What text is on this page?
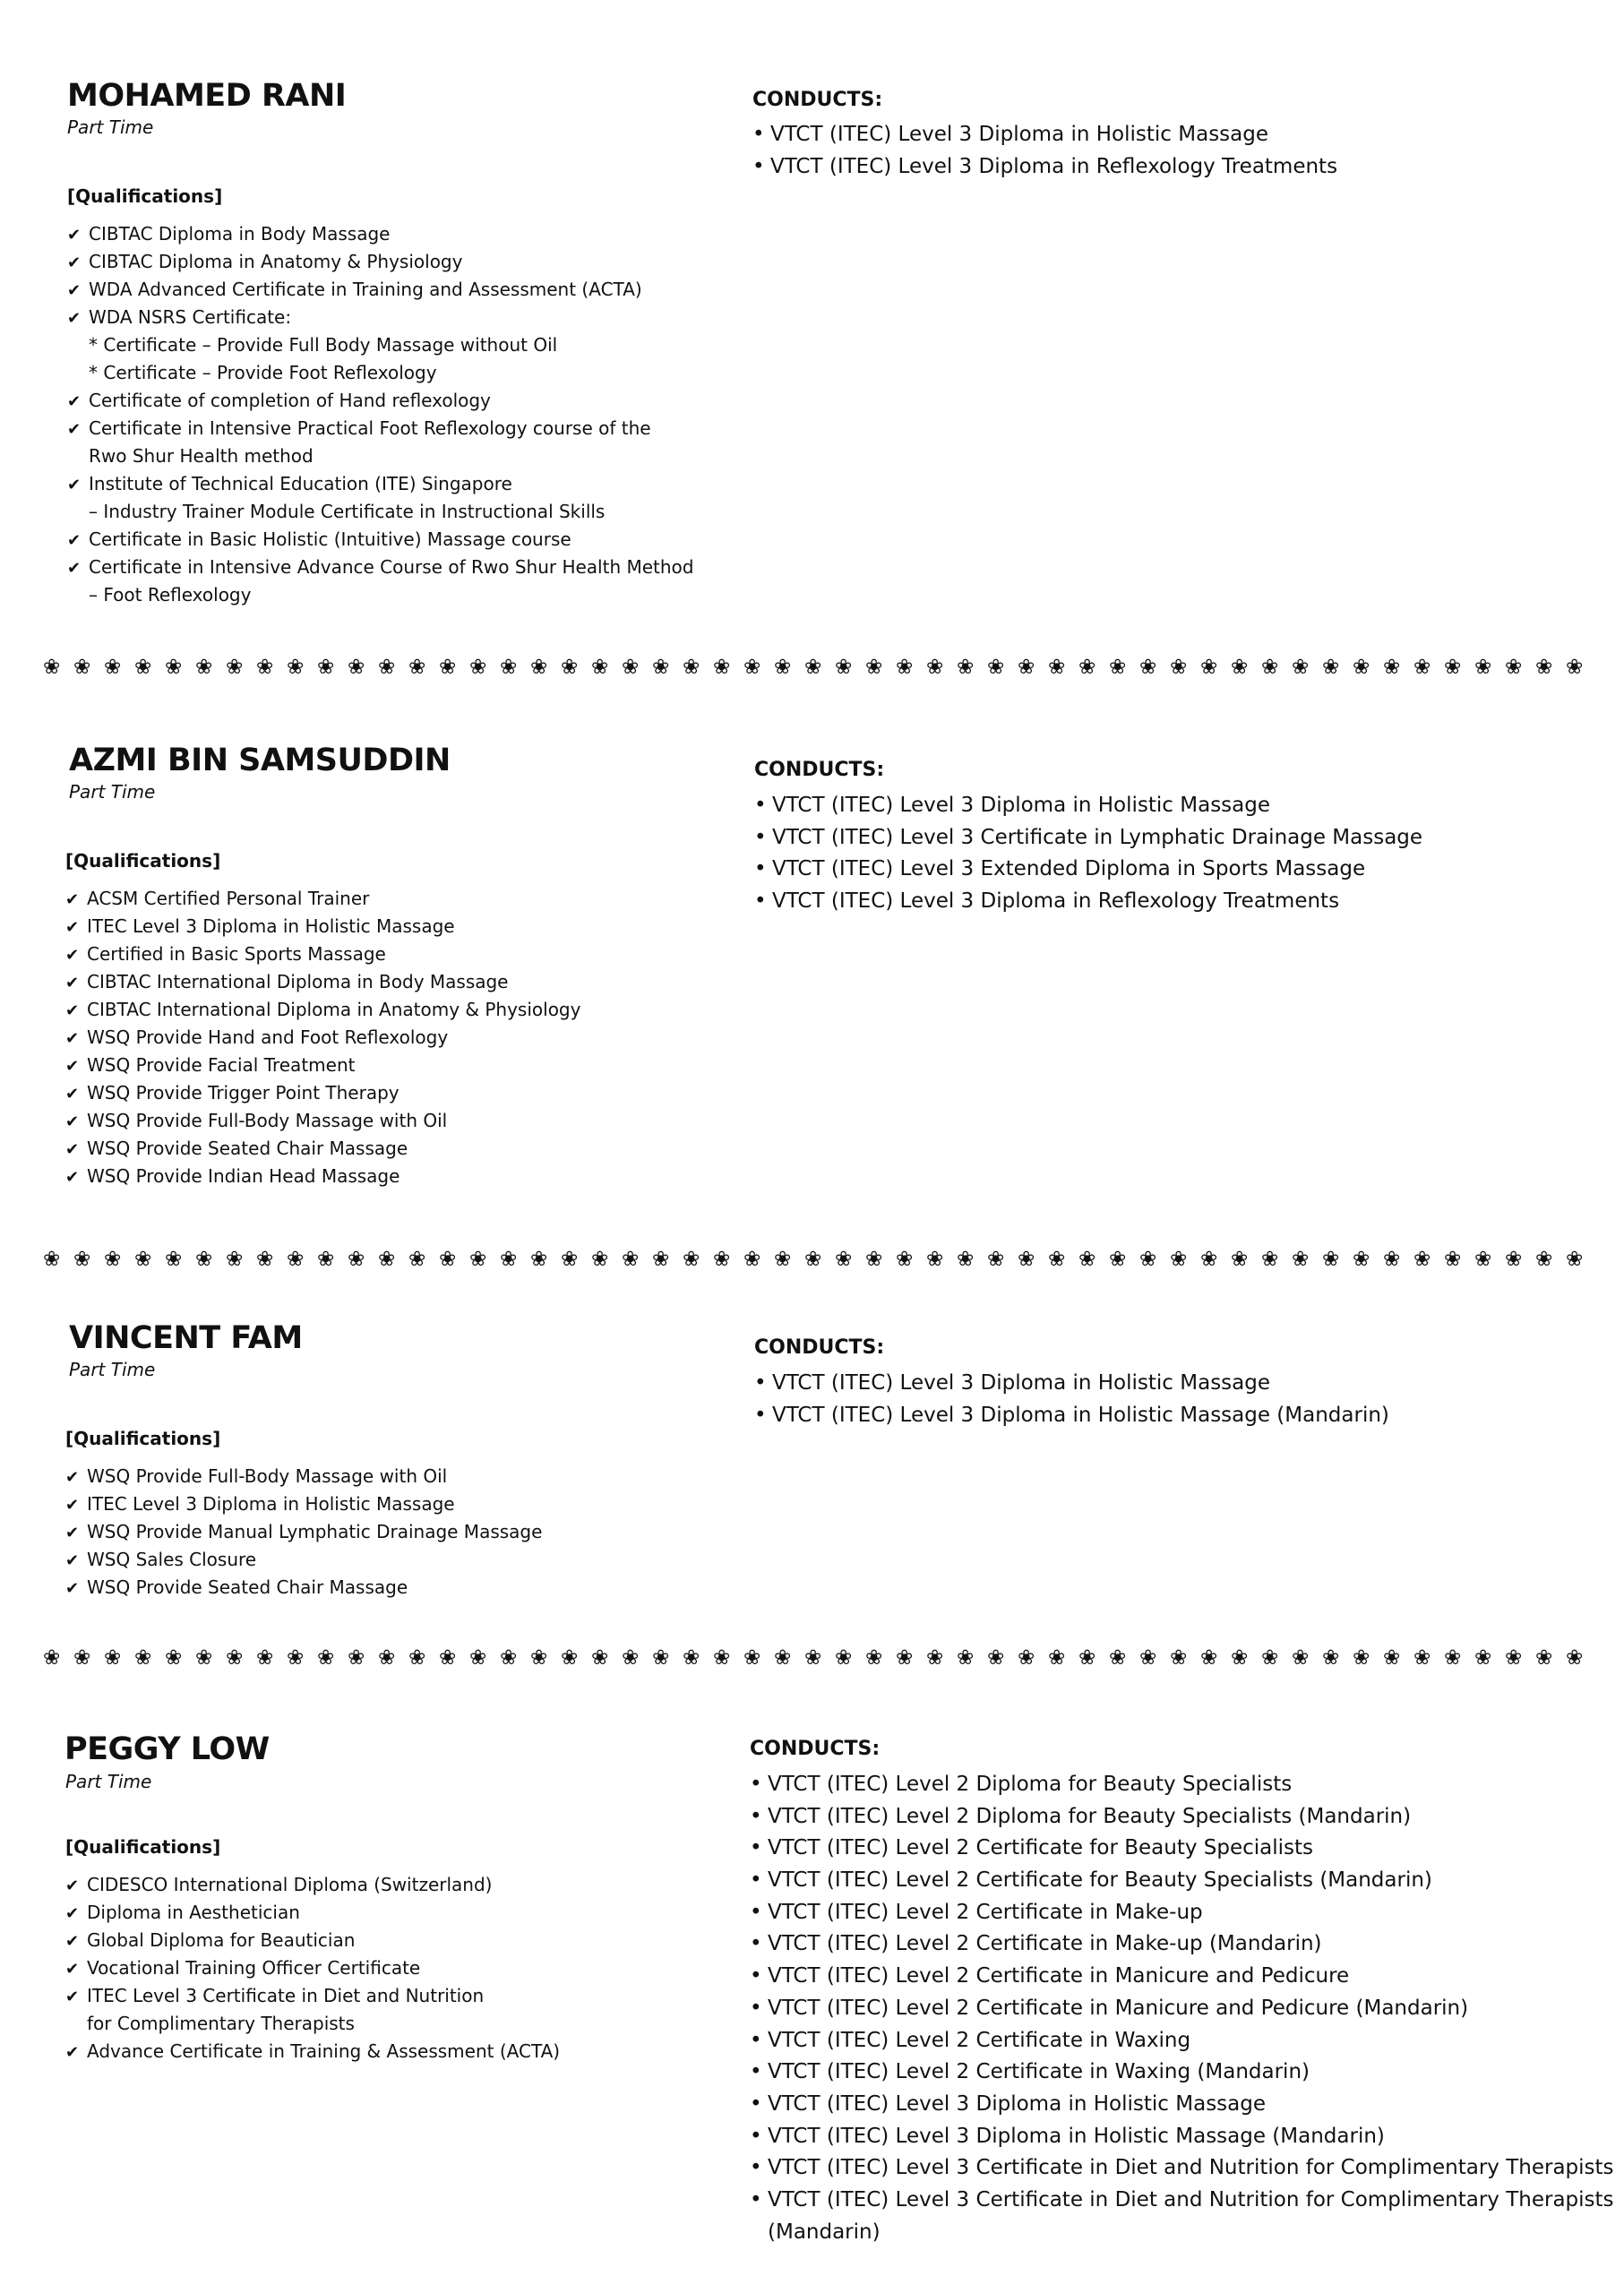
MOHAMED RANI
Part Time
[Qualifications]
✔ CIBTAC Diploma in Body Massage
✔ CIBTAC Diploma in Anatomy & Physiology
✔ WDA Advanced Certificate in Training and Assessment (ACTA)
✔ WDA NSRS Certificate:
* Certificate – Provide Full Body Massage without Oil
* Certificate – Provide Foot Reflexology
✔ Certificate of completion of Hand reflexology
✔ Certificate in Intensive Practical Foot Reflexology course of the
Rwo Shur Health method
✔ Institute of Technical Education (ITE) Singapore
– Industry Trainer Module Certificate in Instructional Skills
✔ Certificate in Basic Holistic (Intuitive) Massage course
✔ Certificate in Intensive Advance Course of Rwo Shur Health Method
– Foot Reflexology
CONDUCTS:
• VTCT (ITEC) Level 3 Diploma in Holistic Massage
• VTCT (ITEC) Level 3 Diploma in Reflexology Treatments
❀ ❀ ❀ ❀ ❀ ❀ ❀ ❀ ❀ ❀ ❀ ❀ ❀ ❀ ❀ ❀ ❀ ❀ ❀ ❀ ❀ ❀ ❀ ❀ ❀ ❀ ❀ ❀ ❀ ❀ ❀ ❀ ❀ ❀ ❀ ❀ ❀ ❀ ❀ ❀ ❀ ❀ ❀ ❀ ❀ ❀ ❀ ❀ ❀ ❀ ❀
AZMI BIN SAMSUDDIN
Part Time
[Qualifications]
✔ ACSM Certified Personal Trainer
✔ ITEC Level 3 Diploma in Holistic Massage
✔ Certified in Basic Sports Massage
✔ CIBTAC International Diploma in Body Massage
✔ CIBTAC International Diploma in Anatomy & Physiology
✔ WSQ Provide Hand and Foot Reflexology
✔ WSQ Provide Facial Treatment
✔ WSQ Provide Trigger Point Therapy
✔ WSQ Provide Full-Body Massage with Oil
✔ WSQ Provide Seated Chair Massage
✔ WSQ Provide Indian Head Massage
CONDUCTS:
• VTCT (ITEC) Level 3 Diploma in Holistic Massage
• VTCT (ITEC) Level 3 Certificate in Lymphatic Drainage Massage
• VTCT (ITEC) Level 3 Extended Diploma in Sports Massage
• VTCT (ITEC) Level 3 Diploma in Reflexology Treatments
❀ ❀ ❀ ❀ ❀ ❀ ❀ ❀ ❀ ❀ ❀ ❀ ❀ ❀ ❀ ❀ ❀ ❀ ❀ ❀ ❀ ❀ ❀ ❀ ❀ ❀ ❀ ❀ ❀ ❀ ❀ ❀ ❀ ❀ ❀ ❀ ❀ ❀ ❀ ❀ ❀ ❀ ❀ ❀ ❀ ❀ ❀ ❀ ❀ ❀ ❀
VINCENT FAM
Part Time
[Qualifications]
✔ WSQ Provide Full-Body Massage with Oil
✔ ITEC Level 3 Diploma in Holistic Massage
✔ WSQ Provide Manual Lymphatic Drainage Massage
✔ WSQ Sales Closure
✔ WSQ Provide Seated Chair Massage
CONDUCTS:
• VTCT (ITEC) Level 3 Diploma in Holistic Massage
• VTCT (ITEC) Level 3 Diploma in Holistic Massage (Mandarin)
❀ ❀ ❀ ❀ ❀ ❀ ❀ ❀ ❀ ❀ ❀ ❀ ❀ ❀ ❀ ❀ ❀ ❀ ❀ ❀ ❀ ❀ ❀ ❀ ❀ ❀ ❀ ❀ ❀ ❀ ❀ ❀ ❀ ❀ ❀ ❀ ❀ ❀ ❀ ❀ ❀ ❀ ❀ ❀ ❀ ❀ ❀ ❀ ❀ ❀ ❀
PEGGY LOW
Part Time
[Qualifications]
✔ CIDESCO International Diploma (Switzerland)
✔ Diploma in Aesthetician
✔ Global Diploma for Beautician
✔ Vocational Training Officer Certificate
✔ ITEC Level 3 Certificate in Diet and Nutrition
for Complimentary Therapists
✔ Advance Certificate in Training & Assessment (ACTA)
CONDUCTS:
• VTCT (ITEC) Level 2 Diploma for Beauty Specialists
• VTCT (ITEC) Level 2 Diploma for Beauty Specialists (Mandarin)
• VTCT (ITEC) Level 2 Certificate for Beauty Specialists
• VTCT (ITEC) Level 2 Certificate for Beauty Specialists (Mandarin)
• VTCT (ITEC) Level 2 Certificate in Make-up
• VTCT (ITEC) Level 2 Certificate in Make-up (Mandarin)
• VTCT (ITEC) Level 2 Certificate in Manicure and Pedicure
• VTCT (ITEC) Level 2 Certificate in Manicure and Pedicure (Mandarin)
• VTCT (ITEC) Level 2 Certificate in Waxing
• VTCT (ITEC) Level 2 Certificate in Waxing (Mandarin)
• VTCT (ITEC) Level 3 Diploma in Holistic Massage
• VTCT (ITEC) Level 3 Diploma in Holistic Massage (Mandarin)
• VTCT (ITEC) Level 3 Certificate in Diet and Nutrition for Complimentary Therapists
• VTCT (ITEC) Level 3 Certificate in Diet and Nutrition for Complimentary Therapists
(Mandarin)
